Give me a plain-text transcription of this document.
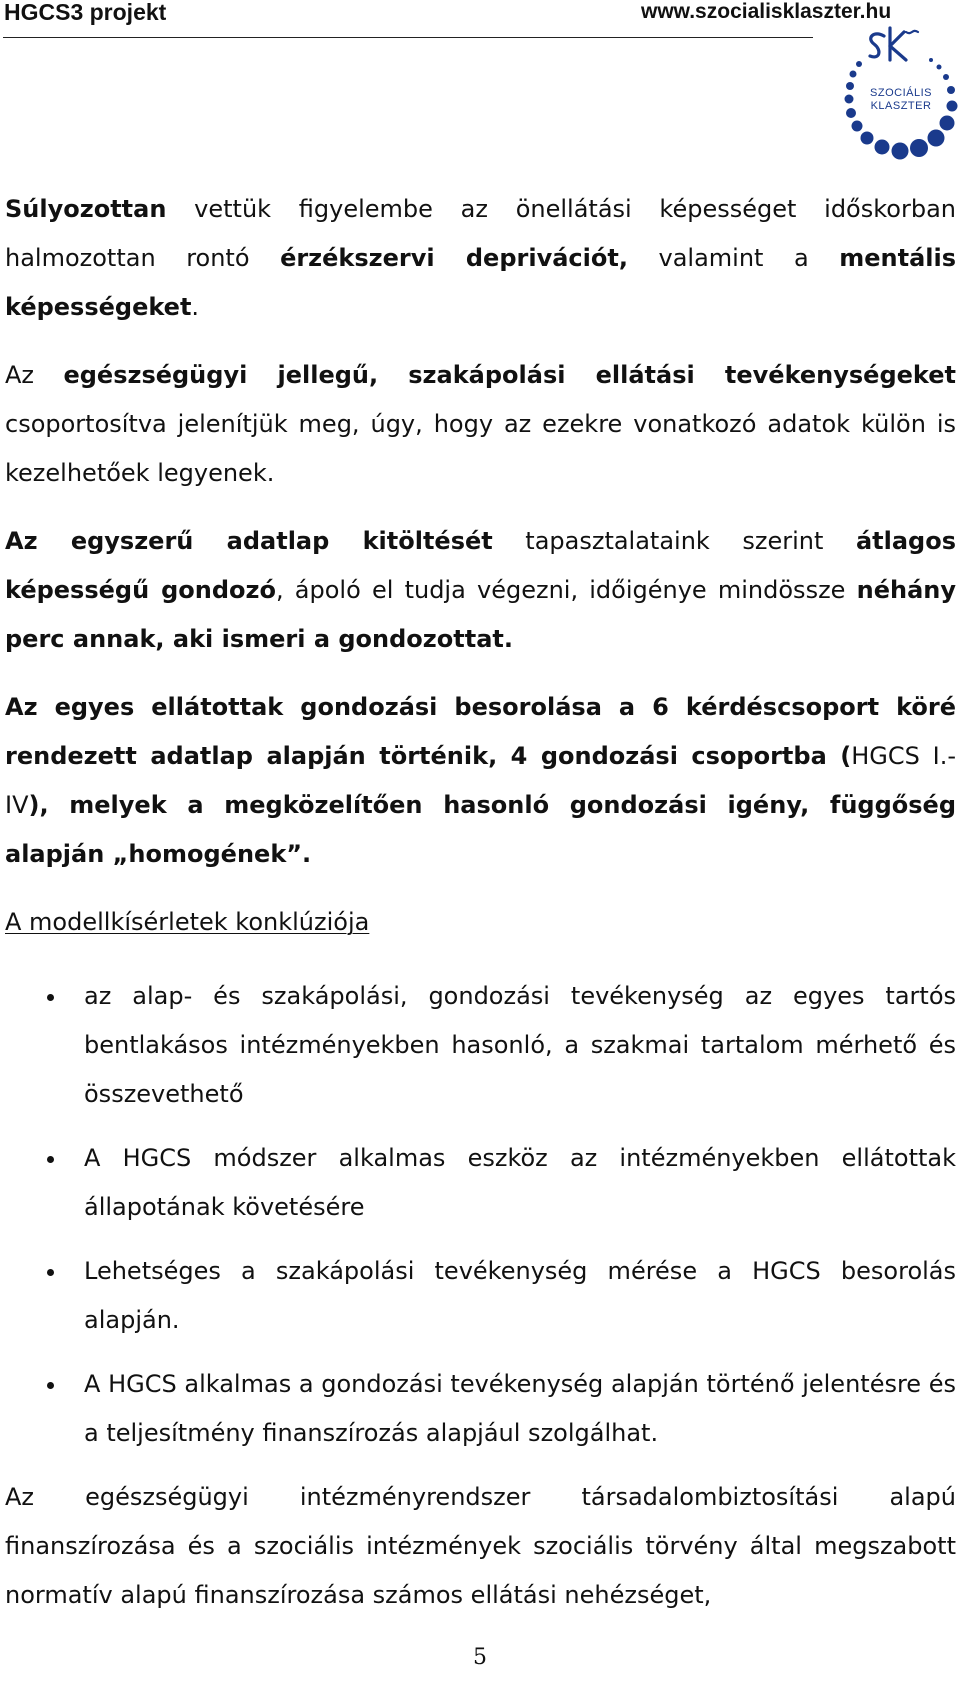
HGCS3 projekt	www.szocialisklaszter.hu
SZOCIÁLIS
KLASZTER

Súlyozottan vettük figyelembe az önellátási képességet időskorban halmozottan rontó érzékszervi deprivációt, valamint a mentális képességeket.

Az egészségügyi jellegű, szakápolási ellátási tevékenységeket csoportosítva jelenítjük meg, úgy, hogy az ezekre vonatkozó adatok külön is kezelhetőek legyenek.

Az egyszerű adatlap kitöltését tapasztalataink szerint átlagos képességű gondozó, ápoló el tudja végezni, időigénye mindössze néhány perc annak, aki ismeri a gondozottat.

Az egyes ellátottak gondozási besorolása a 6 kérdéscsoport köré rendezett adatlap alapján történik, 4 gondozási csoportba (HGCS I.-IV), melyek a megközelítően hasonló gondozási igény, függőség alapján „homogének”.

A modellkísérletek konklúziója
az alap- és szakápolási, gondozási tevékenység az egyes tartós bentlakásos intézményekben hasonló, a szakmai tartalom mérhető és összevethető
A HGCS módszer alkalmas eszköz az intézményekben ellátottak állapotának követésére
Lehetséges a szakápolási tevékenység mérése a HGCS besorolás alapján.
A HGCS alkalmas a gondozási tevékenység alapján történő jelentésre és a teljesítmény finanszírozás alapjául szolgálhat.

Az egészségügyi intézményrendszer társadalombiztosítási alapú finanszírozása és a szociális intézmények szociális törvény által megszabott normatív alapú finanszírozása számos ellátási nehézséget,

5
